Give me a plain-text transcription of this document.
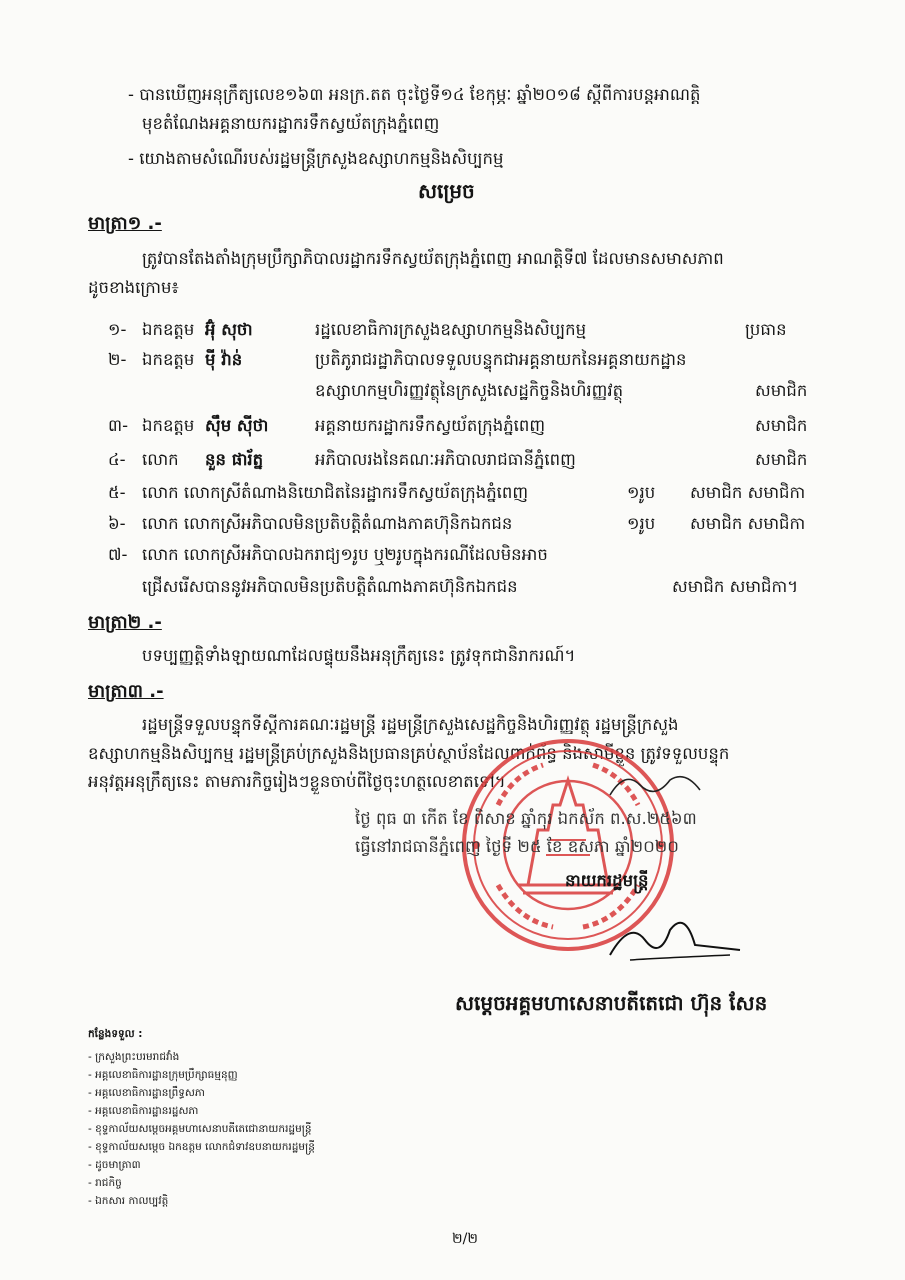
- បានឃើញអនុក្រឹត្យលេខ១៦៣ អនក្រ.តត ចុះថ្ងៃទី១៤ ខែកុម្ភៈ ឆ្នាំ២០១៨ ស្តីពីការបន្តអាណត្តិ
មុខតំណែងអគ្គនាយករដ្ឋាករទឹកស្វយ័តក្រុងភ្នំពេញ
- យោងតាមសំណើរបស់រដ្ឋមន្ត្រីក្រសួងឧស្សាហកម្មនិងសិប្បកម្ម
សម្រេច
មាត្រា១ .-
ត្រូវបានតែងតាំងក្រុមប្រឹក្សាភិបាលរដ្ឋាករទឹកស្វយ័តក្រុងភ្នំពេញ អាណត្តិទី៧ ដែលមានសមាសភាព
ដូចខាងក្រោម៖
១- ឯកឧត្តម អ៊ុំ សុថា	រដ្ឋលេខាធិការក្រសួងឧស្សាហកម្មនិងសិប្បកម្ម	ប្រធាន
២- ឯកឧត្តម ម៉ី វ៉ាន់	ប្រតិភូរាជរដ្ឋាភិបាលទទួលបន្ទុកជាអគ្គនាយកនៃអគ្គនាយកដ្ឋាន
ឧស្សាហកម្មហិរញ្ញវត្ថុនៃក្រសួងសេដ្ឋកិច្ចនិងហិរញ្ញវត្ថុ	សមាជិក
៣- ឯកឧត្តម ស៊ឹម ស៊ីថា	អគ្គនាយករដ្ឋាករទឹកស្វយ័តក្រុងភ្នំពេញ	សមាជិក
៤- លោក នួន ផារ័ត្ន	អភិបាលរងនៃគណៈអភិបាលរាជធានីភ្នំពេញ	សមាជិក
៥- លោក លោកស្រីតំណាងនិយោជិតនៃរដ្ឋាករទឹកស្វយ័តក្រុងភ្នំពេញ	១រូប សមាជិក សមាជិកា
៦- លោក លោកស្រីអភិបាលមិនប្រតិបត្តិតំណាងភាគហ៊ុនិកឯកជន	១រូប សមាជិក សមាជិកា
៧- លោក លោកស្រីអភិបាលឯករាជ្យ១រូប ឬ២រូបក្នុងករណីដែលមិនអាច
ជ្រើសរើសបាននូវអភិបាលមិនប្រតិបត្តិតំណាងភាគហ៊ុនិកឯកជន	សមាជិក សមាជិកា។
មាត្រា២ .-
បទប្បញ្ញត្តិទាំងឡាយណាដែលផ្ទុយនឹងអនុក្រឹត្យនេះ ត្រូវទុកជានិរាករណ៍។
មាត្រា៣ .-
រដ្ឋមន្ត្រីទទួលបន្ទុកទីស្តីការគណៈរដ្ឋមន្ត្រី រដ្ឋមន្ត្រីក្រសួងសេដ្ឋកិច្ចនិងហិរញ្ញវត្ថុ រដ្ឋមន្ត្រីក្រសួង
ឧស្សាហកម្មនិងសិប្បកម្ម រដ្ឋមន្ត្រីគ្រប់ក្រសួងនិងប្រធានគ្រប់ស្ថាប័នដែលពាក់ព័ន្ធ និងសាមីខ្លួន ត្រូវទទួលបន្ទុក
អនុវត្តអនុក្រឹត្យនេះ តាមភារកិច្ចរៀងៗខ្លួនចាប់ពីថ្ងៃចុះហត្ថលេខាតទៅ។
ថ្ងៃ ពុធ ៣ កើត ខែ ពិសាខ ឆ្នាំកុរ ឯកស័ក ព.ស.២៥៦៣
ធ្វើនៅរាជធានីភ្នំពេញ ថ្ងៃទី ២៥ ខែ ឧសភា ឆ្នាំ២០២០
នាយករដ្ឋមន្ត្រី
សម្តេចអគ្គមហាសេនាបតីតេជោ ហ៊ុន សែន
កន្លែងទទួល :
- ក្រសួងព្រះបរមរាជវាំង
- អគ្គលេខាធិការដ្ឋានក្រុមប្រឹក្សាធម្មនុញ្ញ
- អគ្គលេខាធិការដ្ឋានព្រឹទ្ធសភា
- អគ្គលេខាធិការដ្ឋានរដ្ឋសភា
- ខុទ្ទកាល័យសម្តេចអគ្គមហាសេនាបតីតេជោនាយករដ្ឋមន្ត្រី
- ខុទ្ទកាល័យសម្តេច ឯកឧត្តម លោកជំទាវឧបនាយករដ្ឋមន្ត្រី
- ដូចមាត្រា៣
- រាជកិច្ច
- ឯកសារ កាលប្បវត្តិ
២/២
